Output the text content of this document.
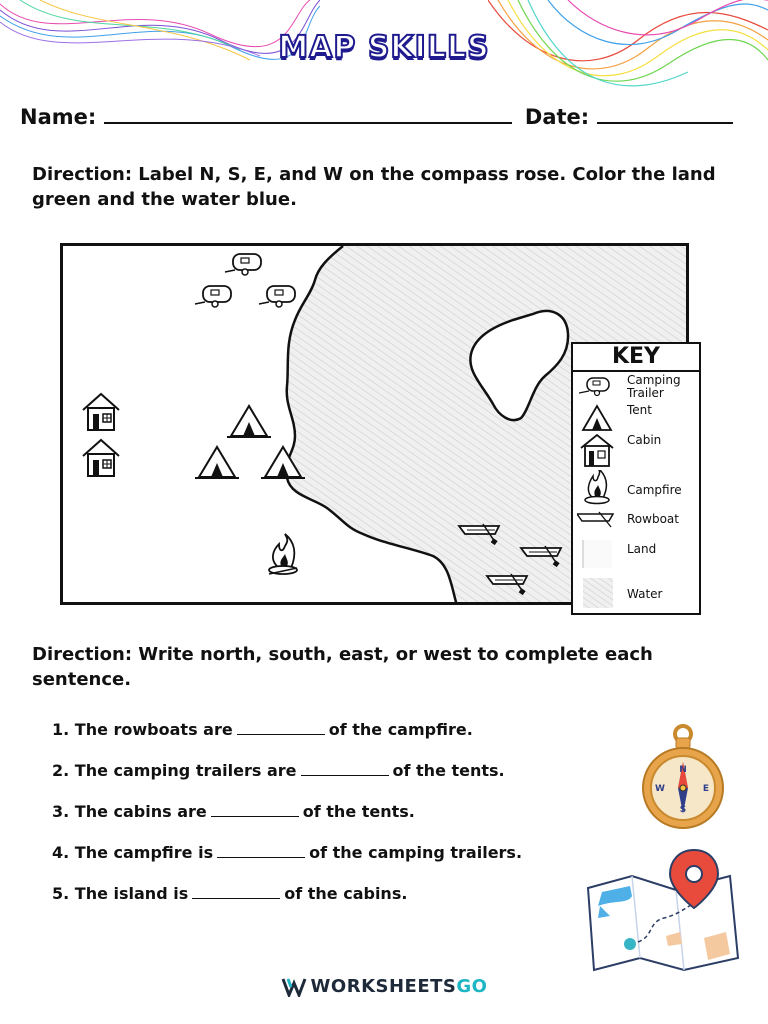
MAP SKILLS
Name:	Date:
Direction: Label N, S, E, and W on the compass rose. Color the land green and the water blue.
KEY
Camping Trailer
Tent
Cabin
Campfire
Rowboat
Land
Water
Direction: Write north, south, east, or west to complete each sentence.
1. The rowboats are	of the campfire.
2. The camping trailers are	of the tents.
3. The cabins are	of the tents.
4. The campfire is	of the camping trailers.
5. The island is	of the cabins.
N
S
E
W
WORKSHEETSGO
